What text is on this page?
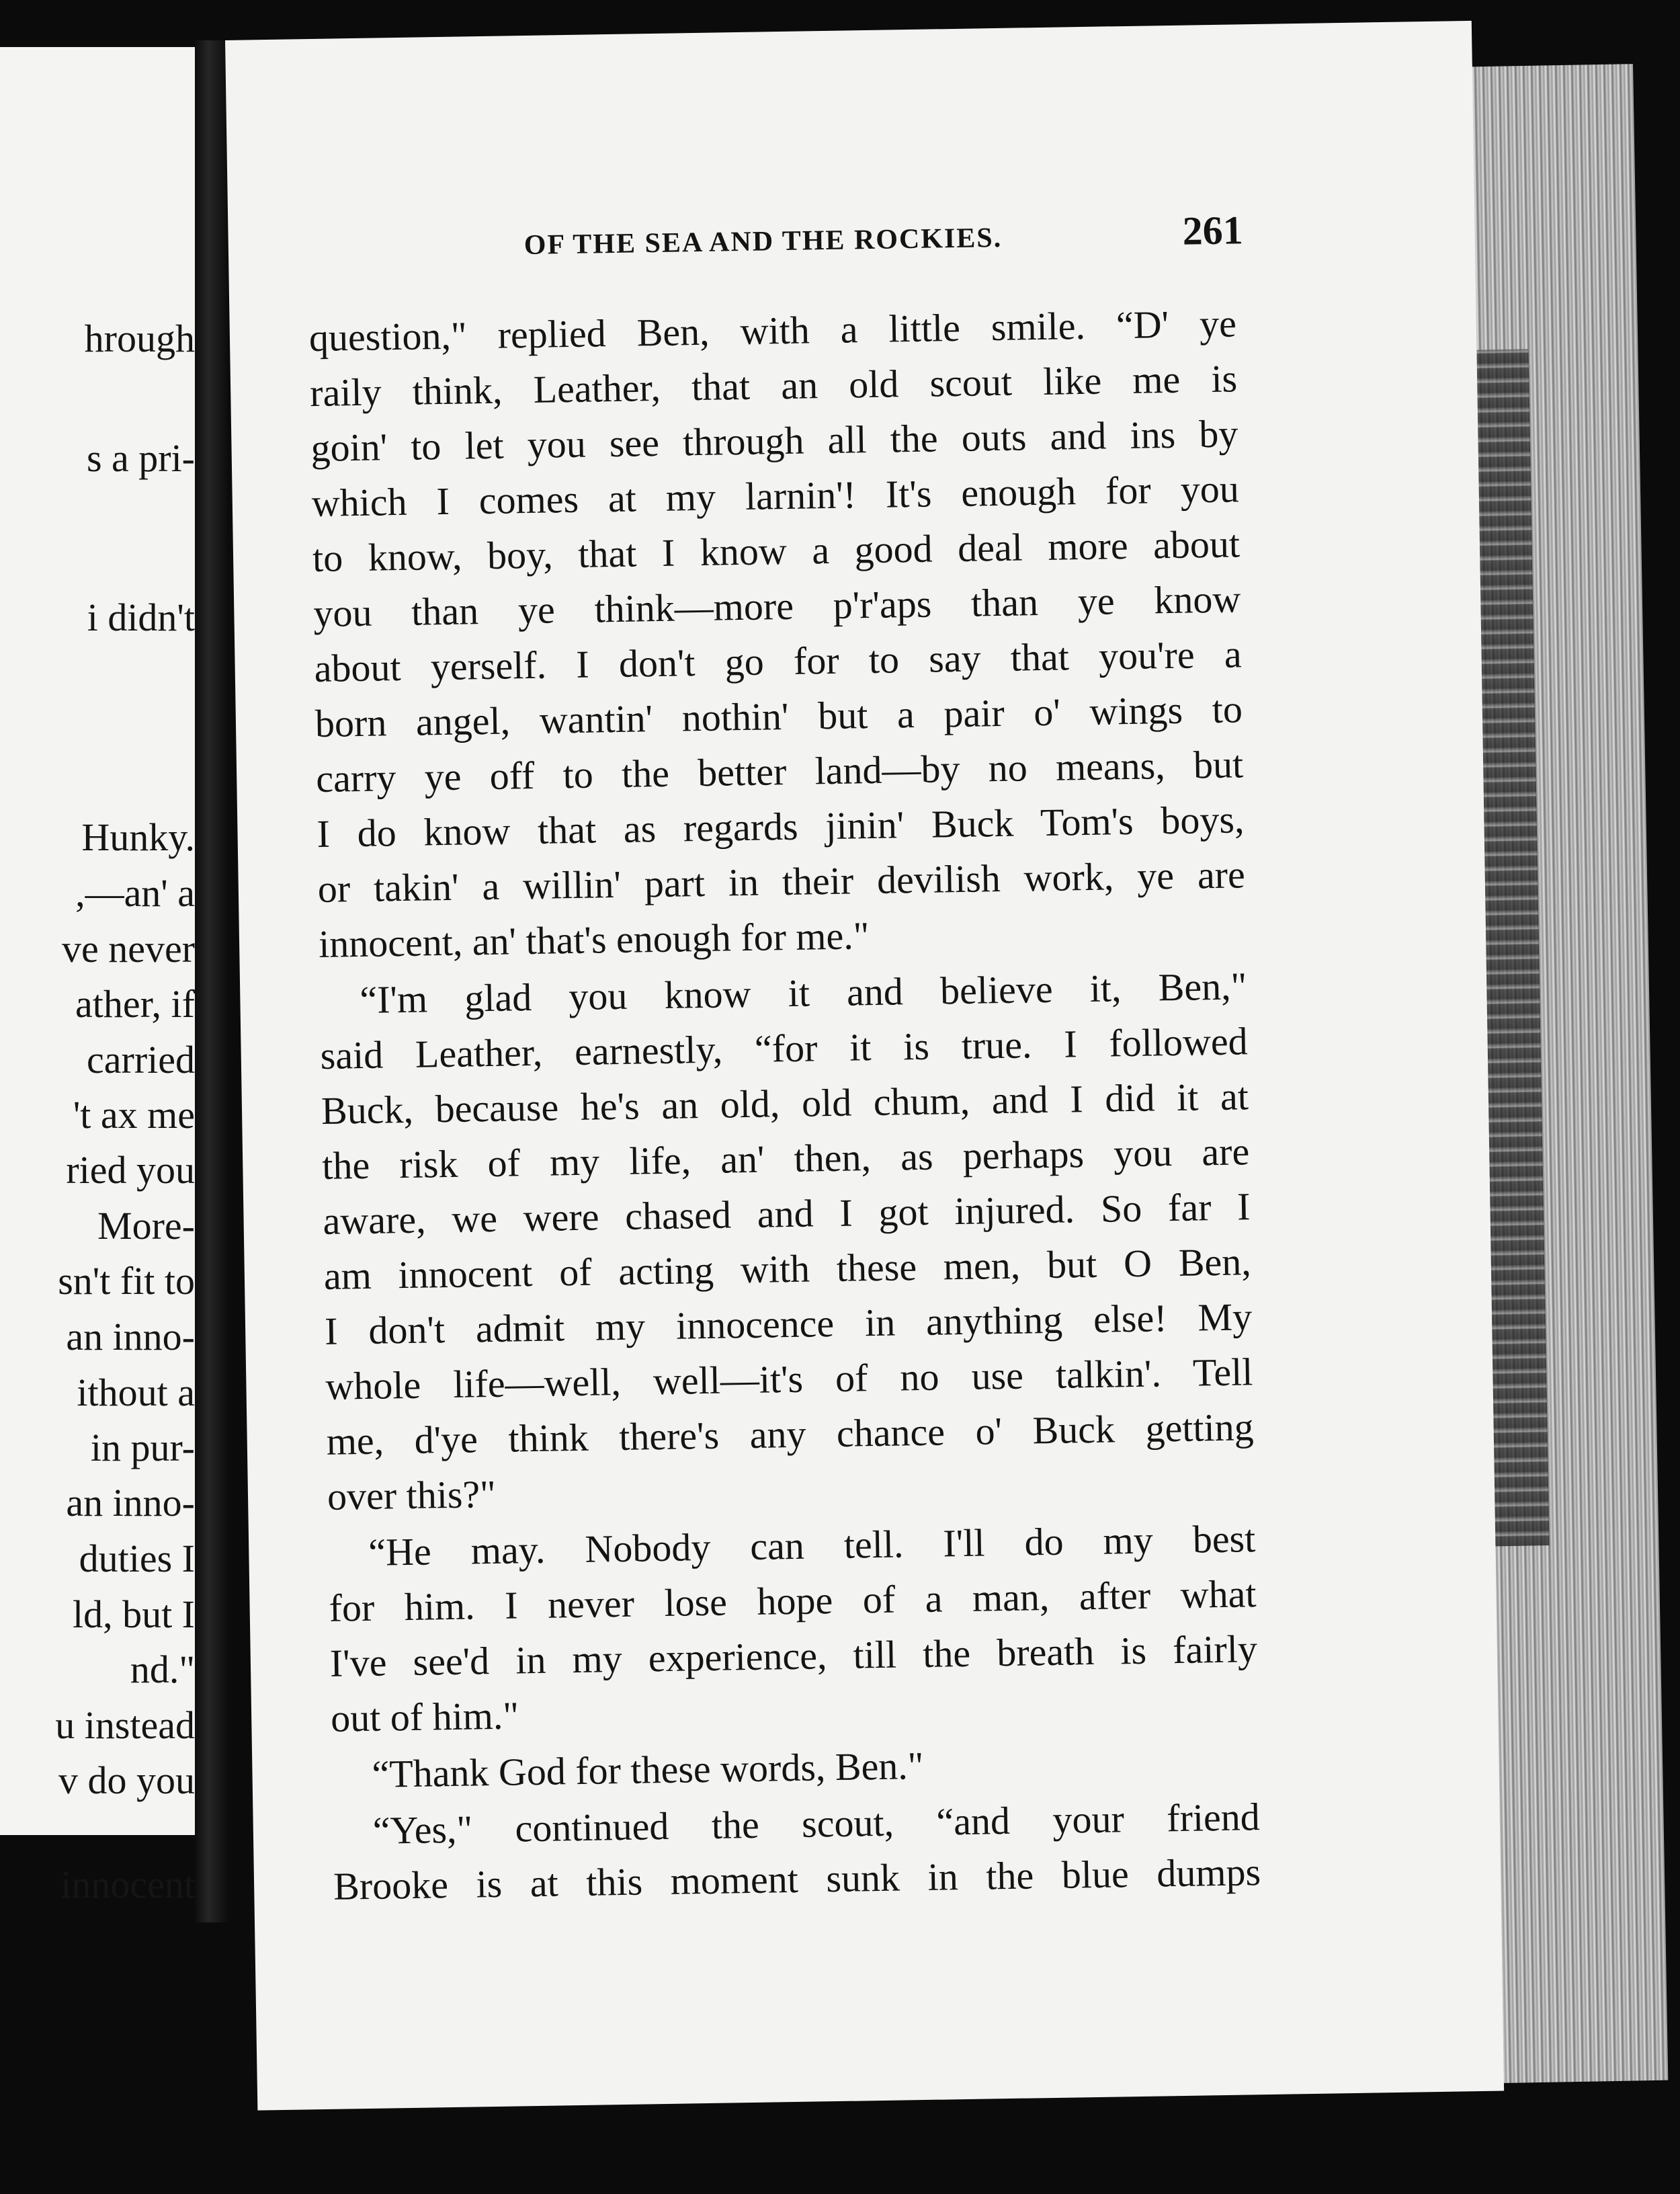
hrough
s a pri-
i didn't
Hunky.
,—an' a
ve never
ather, if
carried
't ax me
ried you
More-
sn't fit to
an inno-
ithout a
in pur-
an inno-
duties I
ld, but I
nd."
u instead
v do you
innocent
OF THE SEA AND THE ROCKIES.	261
question," replied Ben, with a little smile. “D' ye
raily think, Leather, that an old scout like me is
goin' to let you see through all the outs and ins by
which I comes at my larnin'! It's enough for you
to know, boy, that I know a good deal more about
you than ye think—more p'r'aps than ye know
about yerself. I don't go for to say that you're a
born angel, wantin' nothin' but a pair o' wings to
carry ye off to the better land—by no means, but
I do know that as regards jinin' Buck Tom's boys,
or takin' a willin' part in their devilish work, ye are
innocent, an' that's enough for me."
“I'm glad you know it and believe it, Ben,"
said Leather, earnestly, “for it is true. I followed
Buck, because he's an old, old chum, and I did it at
the risk of my life, an' then, as perhaps you are
aware, we were chased and I got injured. So far I
am innocent of acting with these men, but O Ben,
I don't admit my innocence in anything else! My
whole life—well, well—it's of no use talkin'. Tell
me, d'ye think there's any chance o' Buck getting
over this?"
“He may. Nobody can tell. I'll do my best
for him. I never lose hope of a man, after what
I've see'd in my experience, till the breath is fairly
out of him."
“Thank God for these words, Ben."
“Yes," continued the scout, “and your friend
Brooke is at this moment sunk in the blue dumps
